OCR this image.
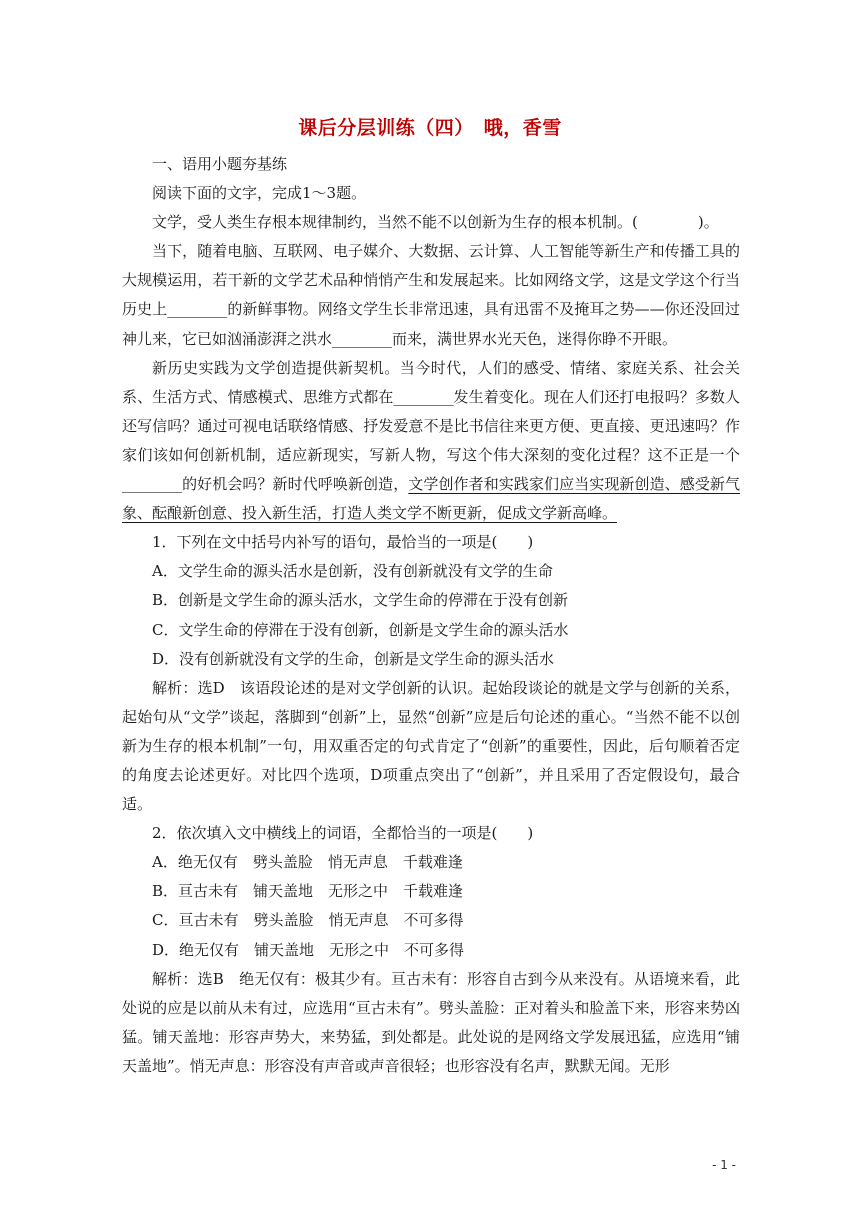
课后分层训练（四）　哦，香雪

一、语用小题夯基练

阅读下面的文字，完成1～3题。

文学，受人类生存根本规律制约，当然不能不以创新为生存的根本机制。(　　　　)。

当下，随着电脑、互联网、电子媒介、大数据、云计算、人工智能等新生产和传播工具的大规模运用，若干新的文学艺术品种悄悄产生和发展起来。比如网络文学，这是文学这个行当历史上________的新鲜事物。网络文学生长非常迅速，具有迅雷不及掩耳之势——你还没回过神儿来，它已如汹涌澎湃之洪水________而来，满世界水光天色，迷得你睁不开眼。

新历史实践为文学创造提供新契机。当今时代，人们的感受、情绪、家庭关系、社会关系、生活方式、情感模式、思维方式都在________发生着变化。现在人们还打电报吗？多数人还写信吗？通过可视电话联络情感、抒发爱意不是比书信往来更方便、更直接、更迅速吗？作家们该如何创新机制，适应新现实，写新人物，写这个伟大深刻的变化过程？这不正是一个________的好机会吗？新时代呼唤新创造，文学创作者和实践家们应当实现新创造、感受新气象、酝酿新创意、投入新生活，打造人类文学不断更新，促成文学新高峰。

1．下列在文中括号内补写的语句，最恰当的一项是(　　)

A．文学生命的源头活水是创新，没有创新就没有文学的生命

B．创新是文学生命的源头活水，文学生命的停滞在于没有创新

C．文学生命的停滞在于没有创新，创新是文学生命的源头活水

D．没有创新就没有文学的生命，创新是文学生命的源头活水

解析：选D　该语段论述的是对文学创新的认识。起始段谈论的就是文学与创新的关系，起始句从“文学”谈起，落脚到“创新”上，显然“创新”应是后句论述的重心。“当然不能不以创新为生存的根本机制”一句，用双重否定的句式肯定了“创新”的重要性，因此，后句顺着否定的角度去论述更好。对比四个选项，D项重点突出了“创新”，并且采用了否定假设句，最合适。

2．依次填入文中横线上的词语，全都恰当的一项是(　　)

A．绝无仅有　劈头盖脸　悄无声息　千载难逢

B．亘古未有　铺天盖地　无形之中　千载难逢

C．亘古未有　劈头盖脸　悄无声息　不可多得

D．绝无仅有　铺天盖地　无形之中　不可多得

解析：选B　绝无仅有：极其少有。亘古未有：形容自古到今从来没有。从语境来看，此处说的应是以前从未有过，应选用“亘古未有”。劈头盖脸：正对着头和脸盖下来，形容来势凶猛。铺天盖地：形容声势大，来势猛，到处都是。此处说的是网络文学发展迅猛，应选用“铺天盖地”。悄无声息：形容没有声音或声音很轻；也形容没有名声，默默无闻。无形

- 1 -
